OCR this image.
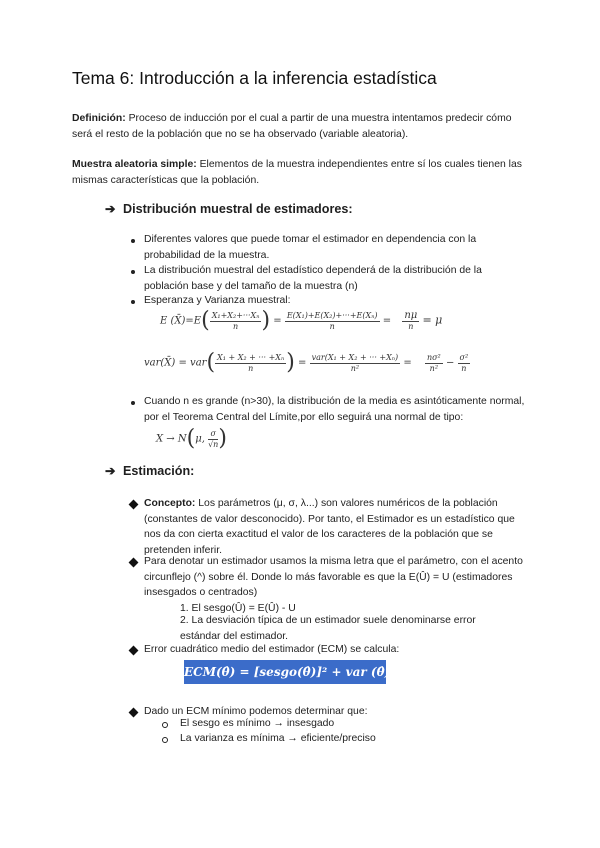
Tema 6: Introducción a la inferencia estadística
Definición: Proceso de inducción por el cual a partir de una muestra intentamos predecir cómo será el resto de la población que no se ha observado (variable aleatoria).
Muestra aleatoria simple: Elementos de la muestra independientes entre sí los cuales tienen las mismas características que la población.
➔ Distribución muestral de estimadores:
Diferentes valores que puede tomar el estimador en dependencia con la probabilidad de la muestra.
La distribución muestral del estadístico dependerá de la distribución de la población base y del tamaño de la muestra (n)
Esperanza y Varianza muestral:
E (X̄)=E( $\frac{\text{X₁+X₂+···Xₙ}}{n}$ ) = $\frac{\text{E(X₁)+E(X₂)+···+E(Xₙ)}}{n} = \frac{n\mu}{n} = \mu$
var(X̄) = $var( \frac{\text{X₁ + X₂ + ··· +Xₙ}}{n}$ ) = $\frac{\text{var(X₁ + X₂ + ··· +Xₙ)}}{\text{n²}} = \frac{\text{nσ²}}{\text{n²}} - \frac{\text{σ²}}{n}$
Cuando n es grande (n>30), la distribución de la media es asintóticamente normal, por el Teorema Central del Límite,por ello seguirá una normal de tipo:
X → N(μ, $\frac{\sigma}{√n}$ )
➔ Estimación:
Concepto: Los parámetros (μ, σ, λ...) son valores numéricos de la población (constantes de valor desconocido). Por tanto, el Estimador es un estadístico que nos da con cierta exactitud el valor de los caracteres de la población que se pretenden inferir.
Para denotar un estimador usamos la misma letra que el parámetro, con el acento circunflejo (^) sobre él. Donde lo más favorable es que la E(Û) = U (estimadores insesgados o centrados)
1. El sesgo(Û) = E(Û) - U
2. La desviación típica de un estimador suele denominarse error estándar del estimador.
Error cuadrático medio del estimador (ECM) se calcula:
ECM(θ̂) = [sesgo(θ̂)]² + var (θ̂)
Dado un ECM mínimo podemos determinar que:
El sesgo es mínimo → insesgado
La varianza es mínima → eficiente/preciso
